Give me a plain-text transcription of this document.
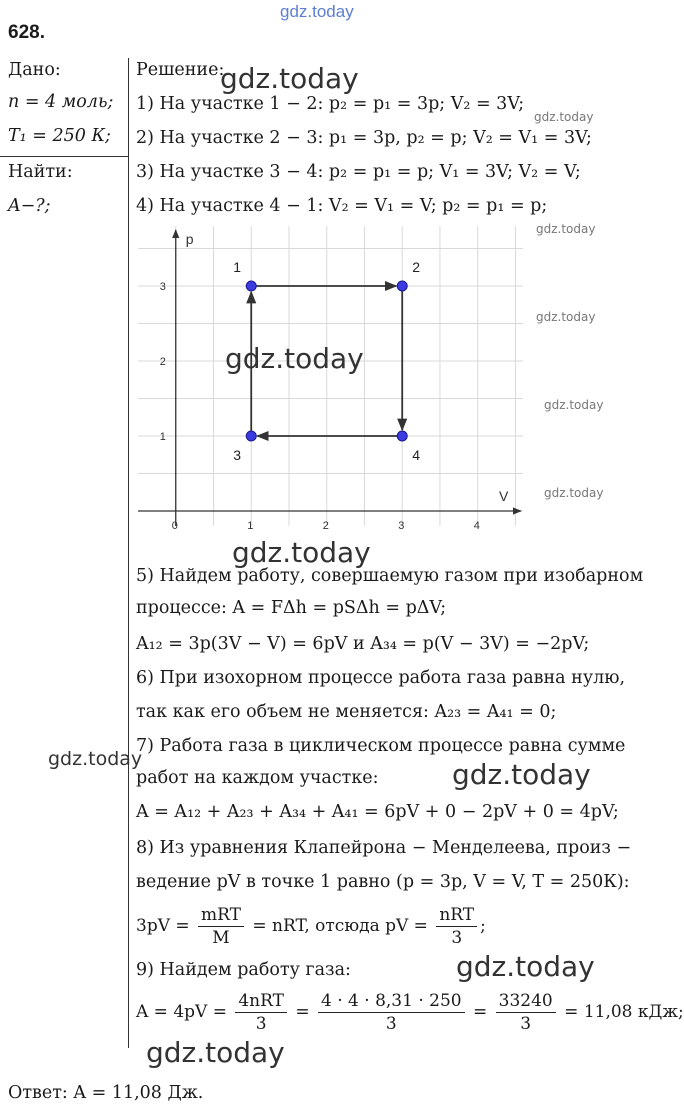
gdz.today
628.
Дано:
n = 4 моль;
T₁ = 250 К;
Найти:
A−?;
Решение:
1) На участке 1 − 2: p₂ = p₁ = 3p; V₂ = 3V;
2) На участке 2 − 3: p₁ = 3p, p₂ = p; V₂ = V₁ = 3V;
3) На участке 3 − 4: p₂ = p₁ = p; V₁ = 3V; V₂ = V;
4) На участке 4 − 1: V₂ = V₁ = V; p₂ = p₁ = p;
V
p
0	1	2	3	4
1
2
3
1	2
4
3
5) Найдем работу, совершаемую газом при изобарном
процессе: A = FΔh = pSΔh = pΔV;
A₁₂ = 3p(3V − V) = 6pV и A₃₄ = p(V − 3V) = −2pV;
6) При изохорном процессе работа газа равна нулю,
так как его объем не меняется: A₂₃ = A₄₁ = 0;
7) Работа газа в циклическом процессе равна сумме
работ на каждом участке:
A = A₁₂ + A₂₃ + A₃₄ + A₄₁ = 6pV + 0 − 2pV + 0 = 4pV;
8) Из уравнения Клапейрона − Менделеева, произ −
ведение pV в точке 1 равно (p = 3p, V = V, T = 250К):
$3pV = \frac{\text{mRT}}{M}$ = nRT, отсюда pV = $\frac{\text{nRT}}{3}$ ;
9) Найдем работу газа:
$A = 4pV = \frac{\text{4nRT}}{3} = \frac{4 \cdot 4 \cdot 8,31 \cdot 250}{3} = \frac{33240}{3} = 11,08$ кДж;
Ответ: A = 11,08 Дж.
gdz.today
gdz.today
gdz.today
gdz.today
gdz.today
gdz.today
gdz.today
gdz.today
gdz.today
gdz.today
gdz.today
gdz.today
